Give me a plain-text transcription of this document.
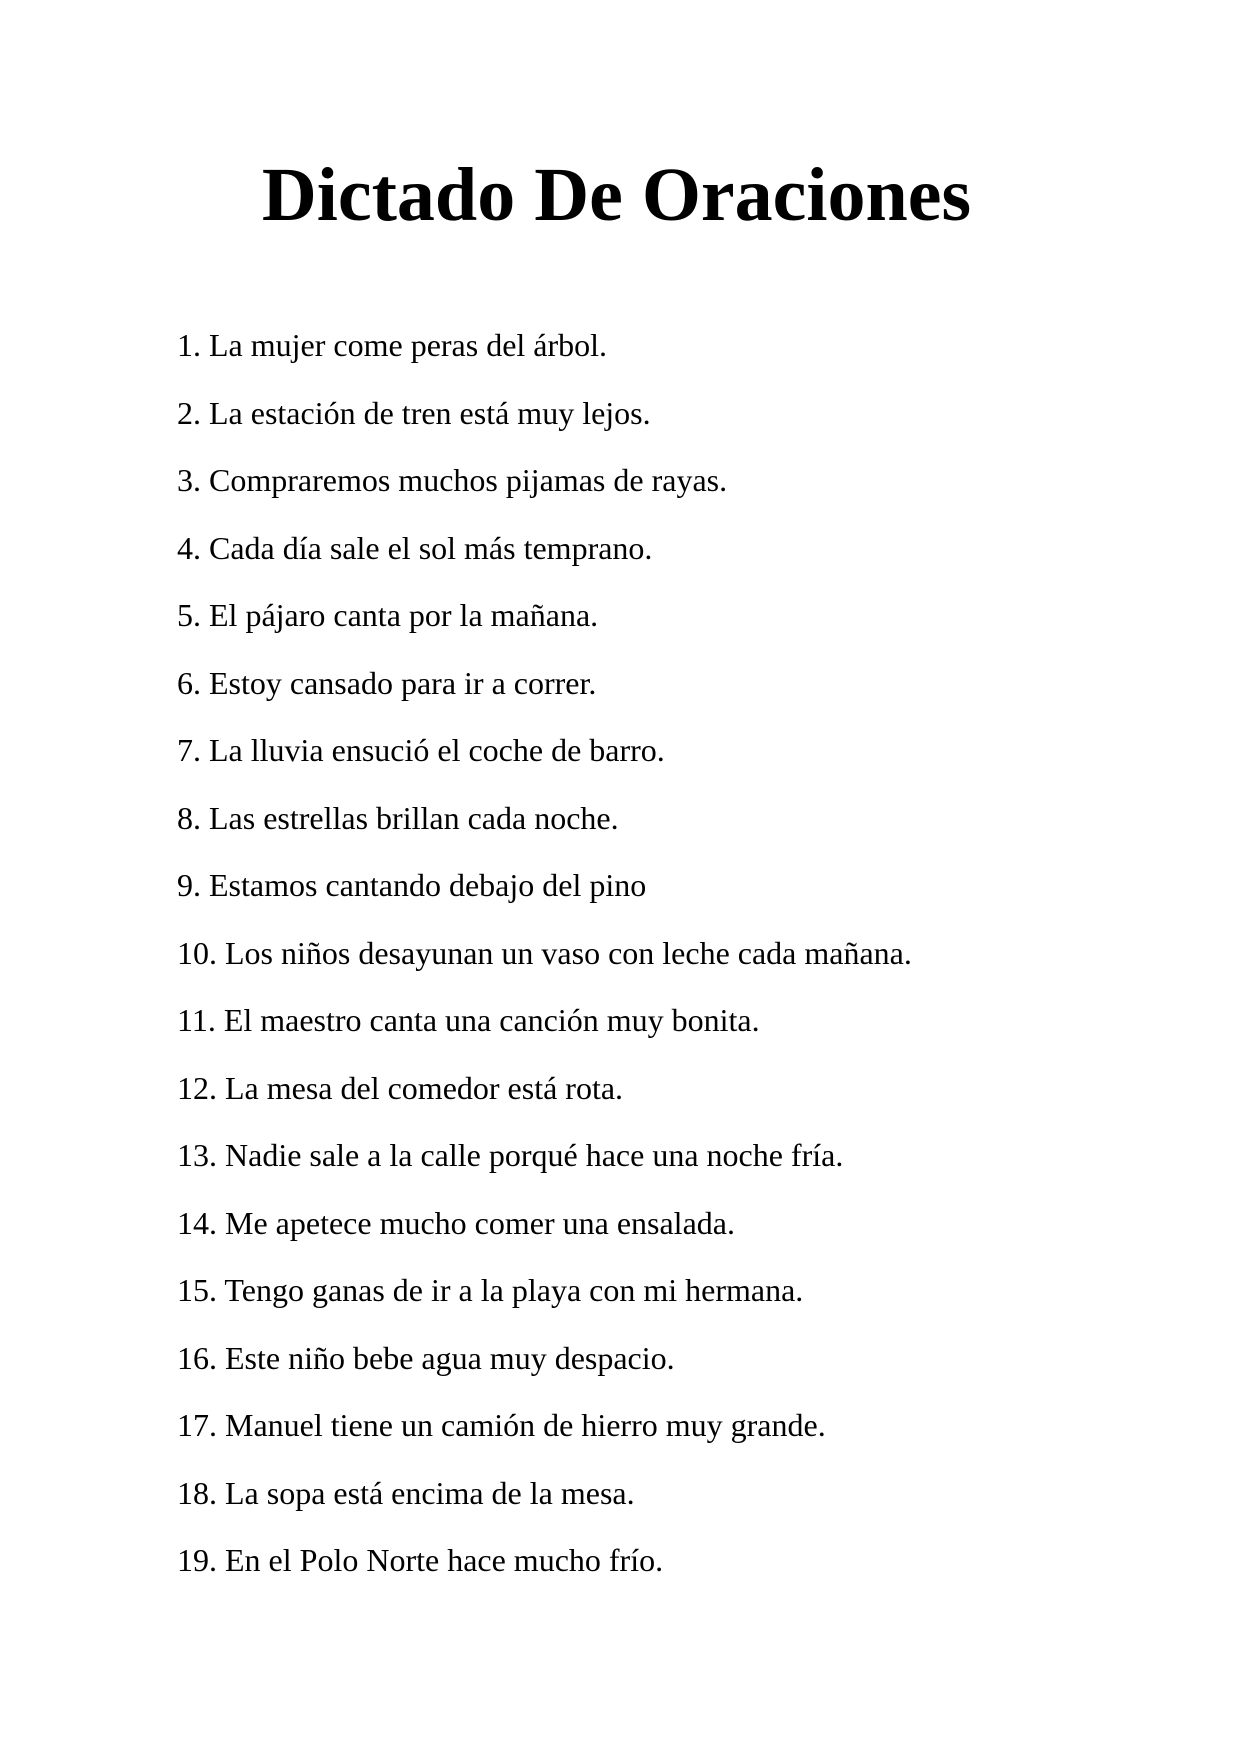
Dictado De Oraciones
1. La mujer come peras del árbol.
2. La estación de tren está muy lejos.
3. Compraremos muchos pijamas de rayas.
4. Cada día sale el sol más temprano.
5. El pájaro canta por la mañana.
6. Estoy cansado para ir a correr.
7. La lluvia ensució el coche de barro.
8. Las estrellas brillan cada noche.
9. Estamos cantando debajo del pino
10. Los niños desayunan un vaso con leche cada mañana.
11. El maestro canta una canción muy bonita.
12. La mesa del comedor está rota.
13. Nadie sale a la calle porqué hace una noche fría.
14. Me apetece mucho comer una ensalada.
15. Tengo ganas de ir a la playa con mi hermana.
16. Este niño bebe agua muy despacio.
17. Manuel tiene un camión de hierro muy grande.
18. La sopa está encima de la mesa.
19. En el Polo Norte hace mucho frío.
